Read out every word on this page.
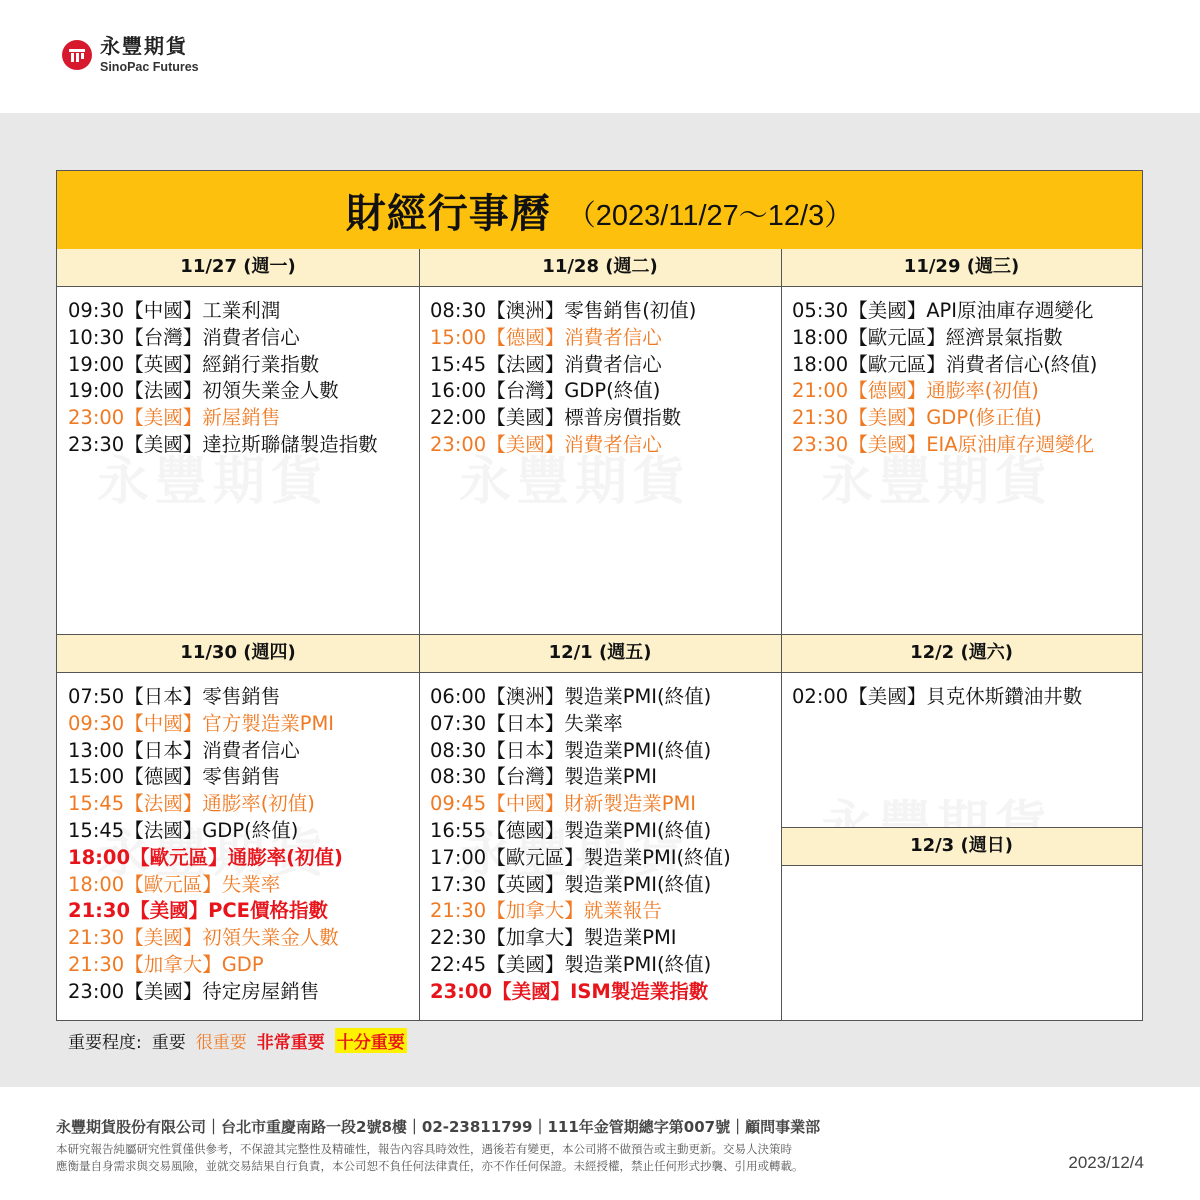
永豐期貨
SinoPac Futures
財經行事曆 （2023/11/27～12/3）
11/27 (週一)
09:30【中國】工業利潤
10:30【台灣】消費者信心
19:00【英國】經銷行業指數
19:00【法國】初領失業金人數
23:00【美國】新屋銷售
23:30【美國】達拉斯聯儲製造指數
11/28 (週二)
08:30【澳洲】零售銷售(初值)
15:00【德國】消費者信心
15:45【法國】消費者信心
16:00【台灣】GDP(終值)
22:00【美國】標普房價指數
23:00【美國】消費者信心
11/29 (週三)
05:30【美國】API原油庫存週變化
18:00【歐元區】經濟景氣指數
18:00【歐元區】消費者信心(終值)
21:00【德國】通膨率(初值)
21:30【美國】GDP(修正值)
23:30【美國】EIA原油庫存週變化
11/30 (週四)
07:50【日本】零售銷售
09:30【中國】官方製造業PMI
13:00【日本】消費者信心
15:00【德國】零售銷售
15:45【法國】通膨率(初值)
15:45【法國】GDP(終值)
18:00【歐元區】通膨率(初值)
18:00【歐元區】失業率
21:30【美國】PCE價格指數
21:30【美國】初領失業金人數
21:30【加拿大】GDP
23:00【美國】待定房屋銷售
12/1 (週五)
06:00【澳洲】製造業PMI(終值)
07:30【日本】失業率
08:30【日本】製造業PMI(終值)
08:30【台灣】製造業PMI
09:45【中國】財新製造業PMI
16:55【德國】製造業PMI(終值)
17:00【歐元區】製造業PMI(終值)
17:30【英國】製造業PMI(終值)
21:30【加拿大】就業報告
22:30【加拿大】製造業PMI
22:45【美國】製造業PMI(終值)
23:00【美國】ISM製造業指數
12/2 (週六)
02:00【美國】貝克休斯鑽油井數
12/3 (週日)
重要程度: 重要 很重要 非常重要 十分重要
永豐期貨股份有限公司｜台北市重慶南路一段2號8樓｜02-23811799｜111年金管期總字第007號｜顧問事業部
本研究報告純屬研究性質僅供參考，不保證其完整性及精確性，報告內容具時效性，遇後若有變更，本公司將不做預告或主動更新。交易人決策時
應衡量自身需求與交易風險，並就交易結果自行負責，本公司恕不負任何法律責任，亦不作任何保證。未經授權，禁止任何形式抄襲、引用或轉載。	2023/12/4
